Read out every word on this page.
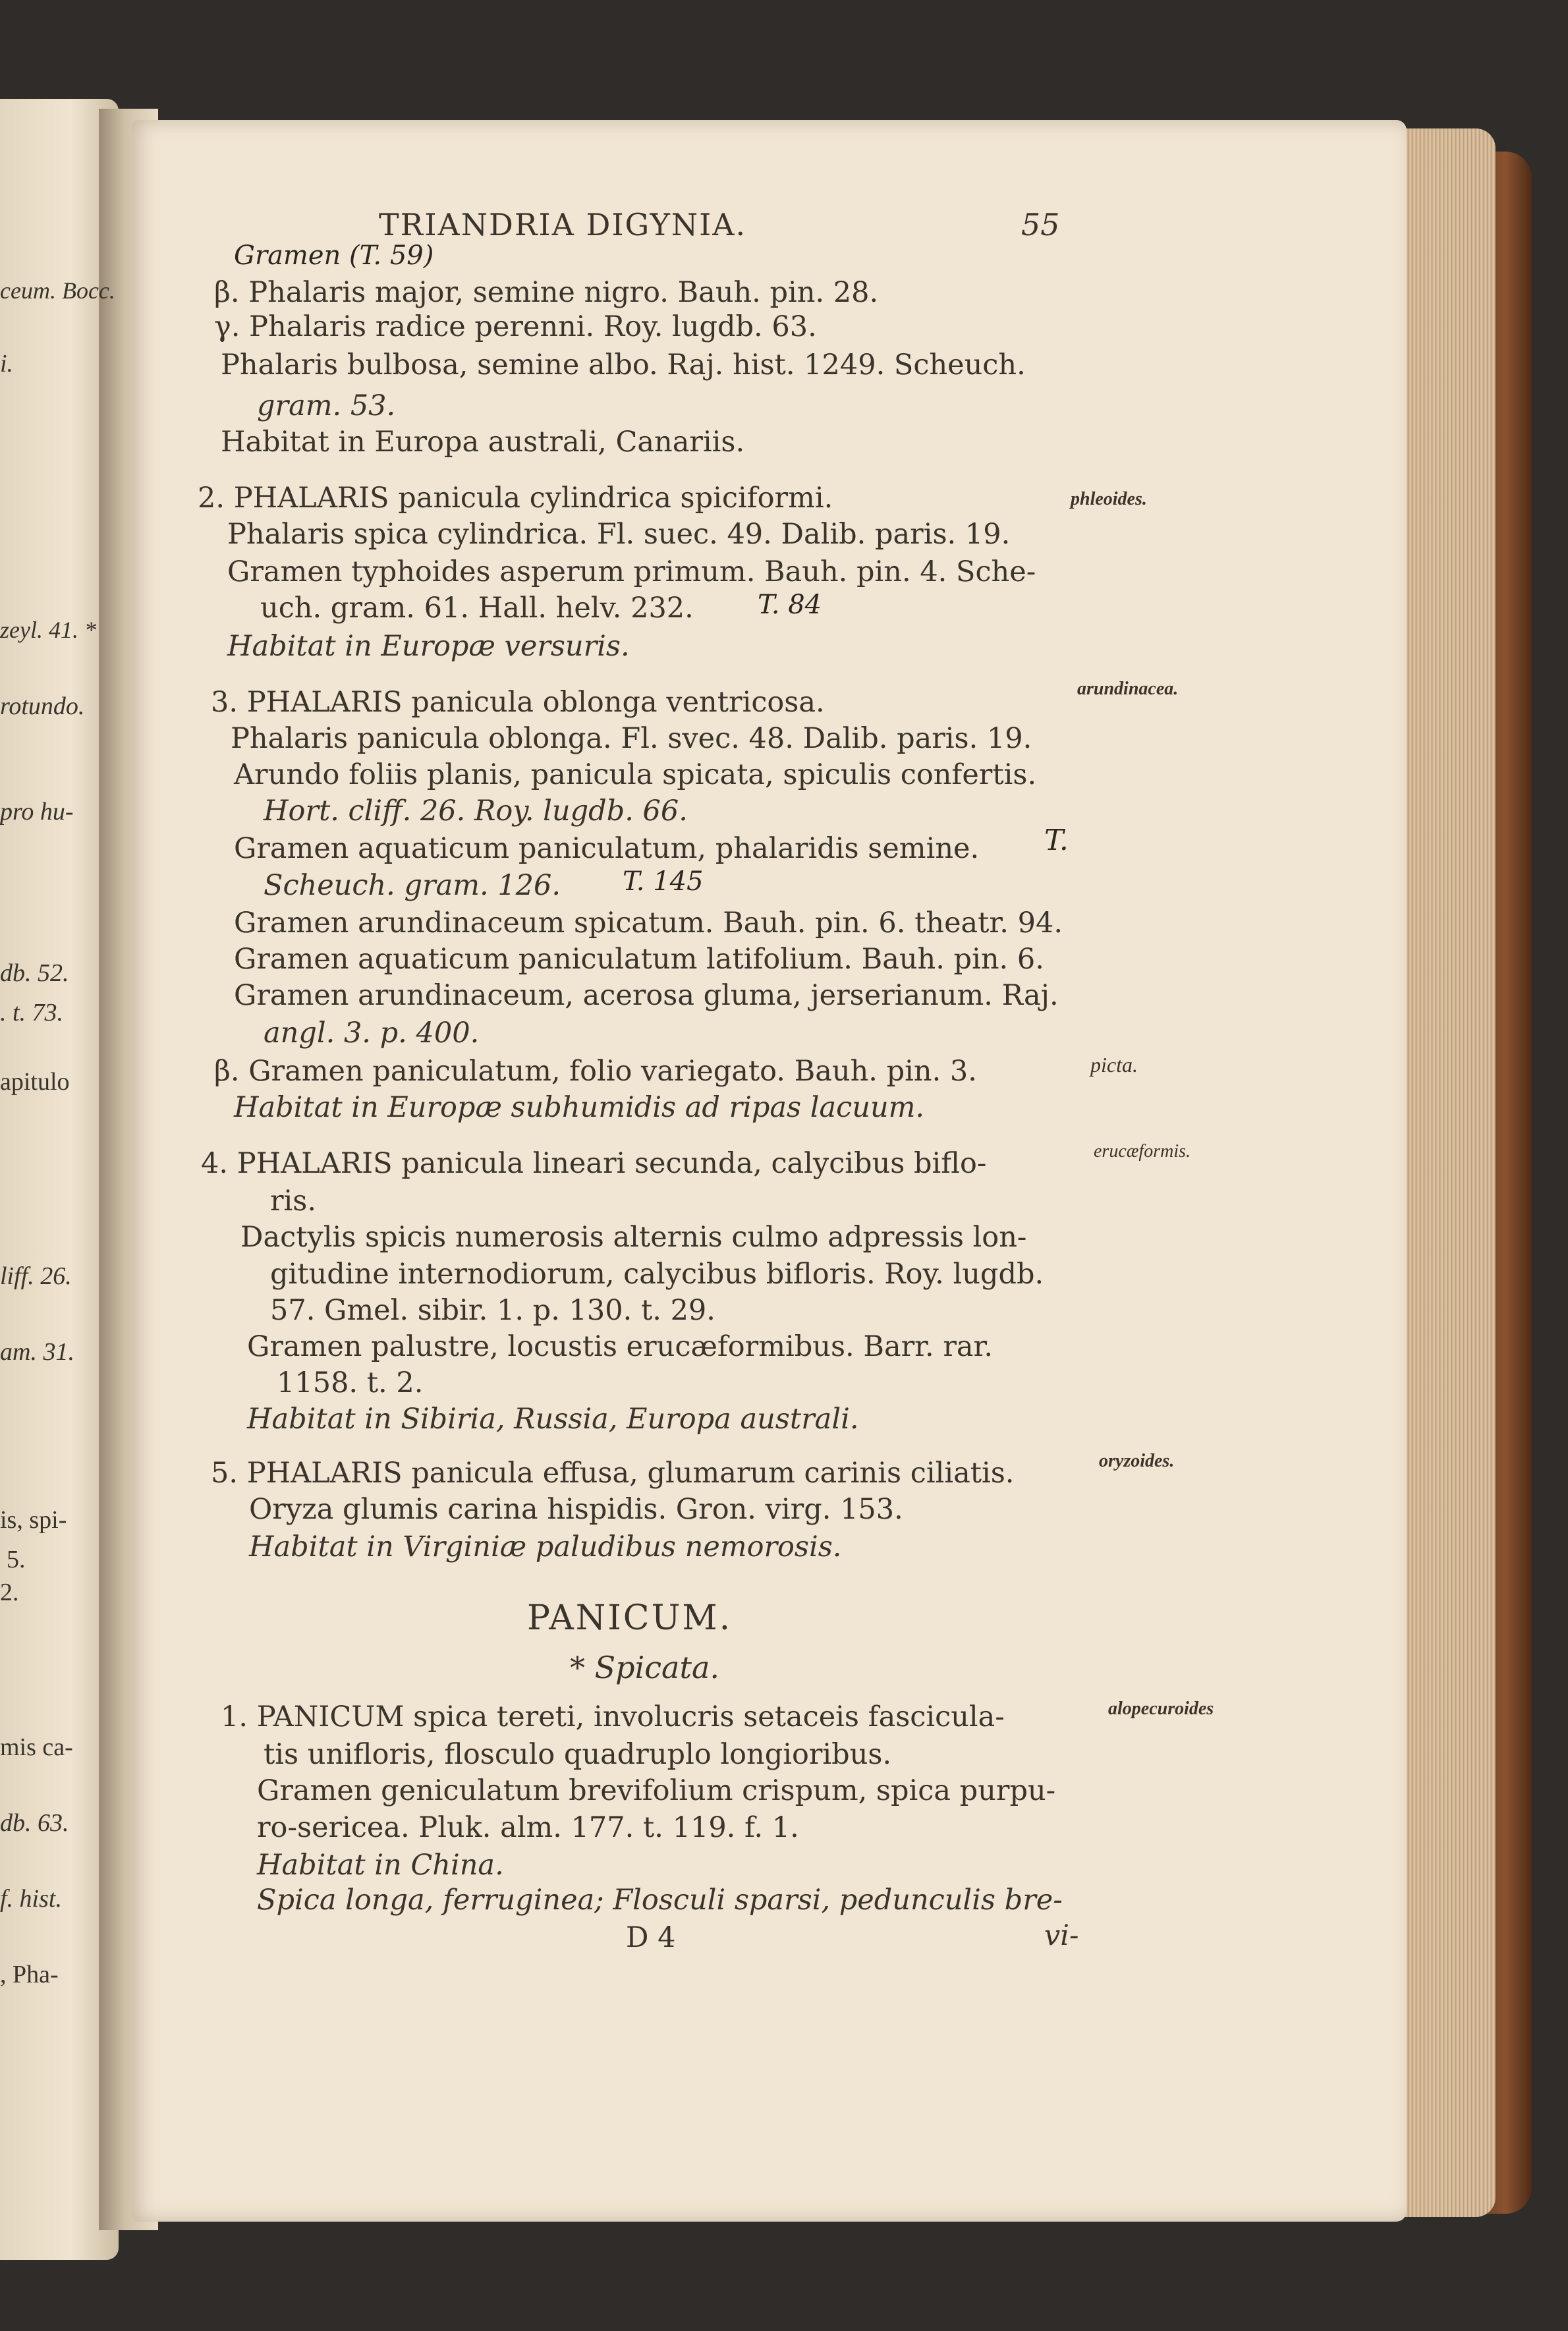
ceum. Bocc.
i.
zeyl. 41. *
rotundo.
pro hu-
db. 52.
. t. 73.
apitulo
liff. 26.
am. 31.
is, spi-
5.
2.
mis ca-
db. 63.
f. hist.
, Pha-
TRIANDRIA DIGYNIA.	55
Gramen (T. 59)
T. 84
T.
T. 145
β. Phalaris major, semine nigro. Bauh. pin. 28.
γ. Phalaris radice perenni. Roy. lugdb. 63.
Phalaris bulbosa, semine albo. Raj. hist. 1249. Scheuch.
gram. 53.
Habitat in Europa australi, Canariis.
2. PHALARIS panicula cylindrica spiciformi.
Phalaris spica cylindrica. Fl. suec. 49. Dalib. paris. 19.
Gramen typhoides asperum primum. Bauh. pin. 4. Sche-
uch. gram. 61. Hall. helv. 232.
Habitat in Europæ versuris.
3. PHALARIS panicula oblonga ventricosa.
Phalaris panicula oblonga. Fl. svec. 48. Dalib. paris. 19.
Arundo foliis planis, panicula spicata, spiculis confertis.
Hort. cliff. 26. Roy. lugdb. 66.
Gramen aquaticum paniculatum, phalaridis semine.
Scheuch. gram. 126.
Gramen arundinaceum spicatum. Bauh. pin. 6. theatr. 94.
Gramen aquaticum paniculatum latifolium. Bauh. pin. 6.
Gramen arundinaceum, acerosa gluma, jerserianum. Raj.
angl. 3. p. 400.
β. Gramen paniculatum, folio variegato. Bauh. pin. 3.
Habitat in Europæ subhumidis ad ripas lacuum.
4. PHALARIS panicula lineari secunda, calycibus biflo-
ris.
Dactylis spicis numerosis alternis culmo adpressis lon-
gitudine internodiorum, calycibus bifloris. Roy. lugdb.
57. Gmel. sibir. 1. p. 130. t. 29.
Gramen palustre, locustis erucæformibus. Barr. rar.
1158. t. 2.
Habitat in Sibiria, Russia, Europa australi.
5. PHALARIS panicula effusa, glumarum carinis ciliatis.
Oryza glumis carina hispidis. Gron. virg. 153.
Habitat in Virginiæ paludibus nemorosis.
PANICUM.
* Spicata.
1. PANICUM spica tereti, involucris setaceis fascicula-
tis unifloris, flosculo quadruplo longioribus.
Gramen geniculatum brevifolium crispum, spica purpu-
ro-sericea. Pluk. alm. 177. t. 119. f. 1.
Habitat in China.
Spica longa, ferruginea; Flosculi sparsi, pedunculis bre-
D 4
phleoides.
arundinacea.
picta.
erucæformis.
oryzoides.
alopecuroides
vi-
